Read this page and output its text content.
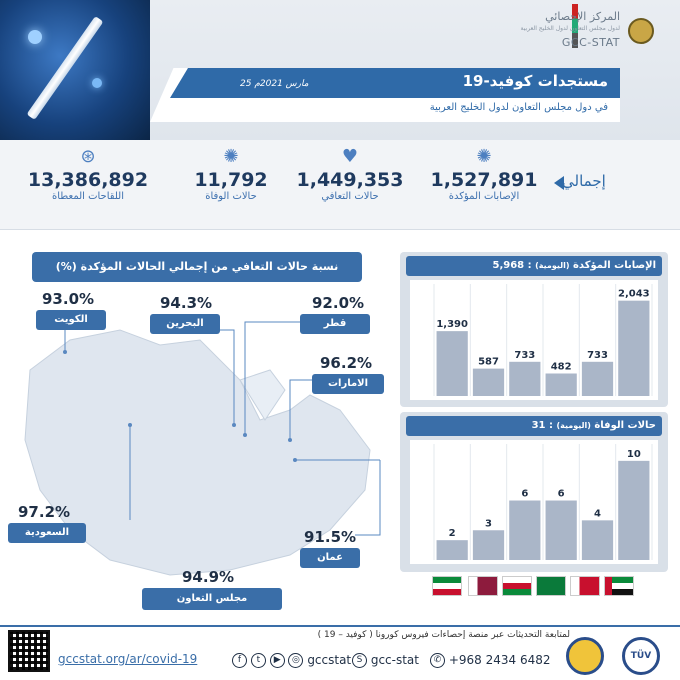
مستجدات كوفيد-19
25 مارس 2021م
في دول مجلس التعاون لدول الخليج العربية
المركز الإحصائي
لدول مجلس التعاون لدول الخليج العربية
GCC-STAT
إجمالي
✺
1,527,891
الإصابات المؤكدة
♥
1,449,353
حالات التعافي
✺
11,792
حالات الوفاة
⊛
13,386,892
اللقاحات المعطاة
نسبة حالات التعافي من إجمالي الحالات المؤكدة (%)
93.0%
الكويت
94.3%
البحرين
92.0%
قطر
96.2%
الامارات
97.2%
السعودية	91.5%
عمان
94.9%
مجلس التعاون
الإصابات المؤكدة (اليومية) : 5,968
1,390
587
733
482
733
2,043
حالات الوفاة (اليومية) : 31
2
3
6	6
4
10
لمتابعة التحديثات عبر منصة إحصاءات فيروس كورونا ( كوفيد – 19 )
gccstat.org/ar/covid-19	f t ▶ ◎ gccstat S gcc-stat	✆ +968 2434 6482	TÜV
